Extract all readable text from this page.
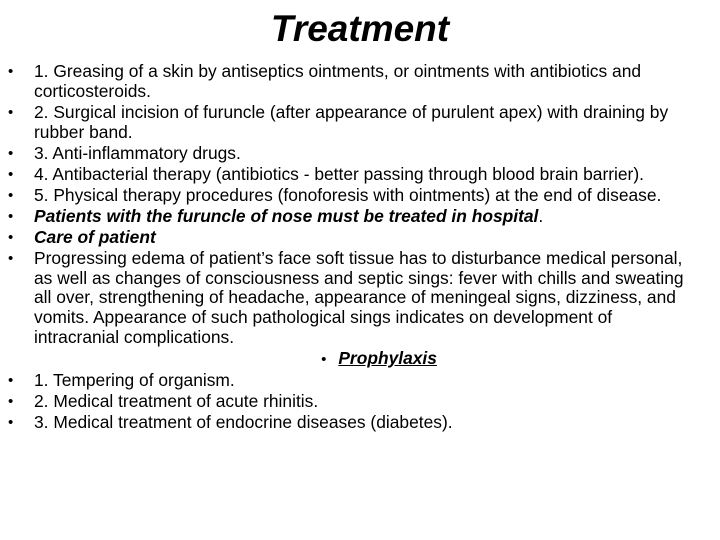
Treatment
• 1. Greasing of a skin by antiseptics ointments, or ointments with antibiotics and corticosteroids.
• 2. Surgical incision of furuncle (after appearance of purulent apex) with draining by rubber band.
• 3. Anti-inflammatory drugs.
• 4. Antibacterial therapy (antibiotics - better passing through blood brain barrier).
• 5. Physical therapy procedures (fonoforesis with ointments) at the end of disease.
• Patients with the furuncle of nose must be treated in hospital.
• Care of patient
• Progressing edema of patient’s face soft tissue has to disturbance medical personal, as well as changes of consciousness and septic sings: fever with chills and sweating all over, strengthening of headache, appearance of meningeal signs, dizziness, and vomits. Appearance of such pathological sings indicates on development of intracranial complications.
• Prophylaxis
• 1. Tempering of organism.
• 2. Medical treatment of acute rhinitis.
• 3. Medical treatment of endocrine diseases (diabetes).
